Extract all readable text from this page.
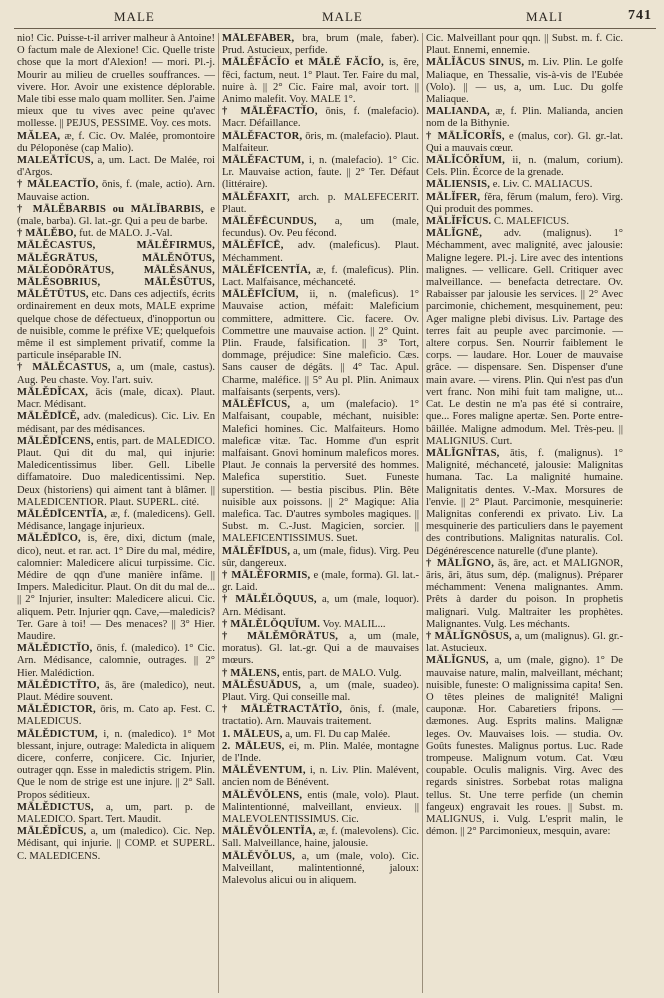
MALE	MALE	MALI	741

nio! Cic. Puisse-t-il arriver malheur à Antoine! O factum male de Alexione! Cic. Quelle triste chose que la mort d'Alexion! — mori. Pl.-j. Mourir au milieu de cruelles souffrances. — vivere. Hor. Avoir une existence déplorable. Male tibi esse malo quam molliter. Sen. J'aime mieux que tu vives avec peine qu'avec mollesse. || PEJUS, PESSIME. Voy. ces mots.

MĂLEA, æ, f. Cic. Ov. Malée, promontoire du Péloponèse (cap Malio).

MALEĀTĬCUS, a, um. Lact. De Malée, roi d'Argos.

† MĀLEACTĬO, ōnis, f. (male, actio). Arn. Mauvaise action.

† MĀLĔBARBIS ou MĀLĬBARBIS, e (male, barba). Gl. lat.-gr. Qui a peu de barbe.

† MĀLĔBO, fut. de MALO. J.-Val.

MĀLĔCASTUS, MĀLĔFIRMUS, MĀLĔGRĀTUS, MĀLĔNŌTUS, MĀLĔODŌRĀTUS, MĀLĔSĀNUS, MĀLĔSOBRIUS, MĀLĔSŪTUS, MĀLĔTŪTUS, etc. Dans ces adjectifs, écrits ordinairement en deux mots, MALE exprime quelque chose de défectueux, d'inopportun ou de nuisible, comme le préfixe VE; quelquefois même il est simplement privatif, comme la particule inséparable IN.

† MĀLĔCASTUS, a, um (male, castus). Aug. Peu chaste. Voy. l'art. suiv.

MĀLĔDĬCAX, ācis (male, dicax). Plaut. Macr. Médisant.

MĀLĔDĪCĔ, adv. (maledicus). Cic. Liv. En médisant, par des médisances.

MĀLĔDĪCENS, entis, part. de MALEDICO. Plaut. Qui dit du mal, qui injurie: Maledicentissimus liber. Gell. Libelle diffamatoire. Duo maledicentissimi. Nep. Deux (historiens) qui aiment tant à blâmer. || MALEDICENTIOR. Plaut. SUPERL. cité.

MĀLĔDĪCENTĬA, æ, f. (maledicens). Gell. Médisance, langage injurieux.

MĀLĔDĪCO, is, ēre, dixi, dictum (male, dico), neut. et rar. act. 1° Dire du mal, médire, calomnier: Maledicere alicui turpissime. Cic. Médire de qqn d'une manière infâme. || Impers. Maledicitur. Plaut. On dit du mal de... || 2° Injurier, insulter: Maledicere alicui. Cic. aliquem. Petr. Injurier qqn. Cave,—maledicis? Ter. Gare à toi! — Des menaces? || 3° Hier. Maudire.

MĀLĔDICTĬO, ōnis, f. (maledico). 1° Cic. Arn. Médisance, calomnie, outrages. || 2° Hier. Malédiction.

MĀLĔDICTĬTO, ās, āre (maledico), neut. Plaut. Médire souvent.

MĀLĔDICTOR, ōris, m. Cato ap. Fest. C. MALEDICUS.

MĀLĔDICTUM, i, n. (maledico). 1° Mot blessant, injure, outrage: Maledicta in aliquem dicere, conferre, conjicere. Cic. Injurier, outrager qqn. Esse in maledictis strigem. Plin. Que le nom de strige est une injure. || 2° Sall. Propos séditieux.

MĀLĔDICTUS, a, um, part. p. de MALEDICO. Spart. Tert. Maudit.

MĀLĔDĬCUS, a, um (maledico). Cic. Nep. Médisant, qui injurie. || COMP. et SUPERL. C. MALEDICENS.

MĀLĔFĂBER, bra, brum (male, faber). Prud. Astucieux, perfide.

MĀLĔFĂCĬO et MĀLĔ FĂCĬO, is, ĕre, fēci, factum, neut. 1° Plaut. Ter. Faire du mal, nuire à. || 2° Cic. Faire mal, avoir tort. || Animo malefit. Voy. MALE 1°.

† MĀLĔFACTĬO, ōnis, f. (malefacio). Macr. Défaillance.

MĀLĔFACTOR, ōris, m. (malefacio). Plaut. Malfaiteur.

MĀLĔFACTUM, i, n. (malefacio). 1° Cic. Lr. Mauvaise action, faute. || 2° Ter. Défaut (littéraire).

MĀLĔFAXIT, arch. p. MALEFECERIT. Plaut.

MĀLĔFĒCUNDUS, a, um (male, fecundus). Ov. Peu fécond.

MĀLĔFĪCĒ, adv. (maleficus). Plaut. Méchamment.

MĀLĔFĪCENTĬA, æ, f. (maleficus). Plin. Lact. Malfaisance, méchanceté.

MĀLĔFĪCĬUM, ii, n. (maleficus). 1° Mauvaise action, méfait: Maleficium committere, admittere. Cic. facere. Ov. Commettre une mauvaise action. || 2° Quint. Plin. Fraude, falsification. || 3° Tort, dommage, préjudice: Sine maleficio. Cæs. Sans causer de dégâts. || 4° Tac. Apul. Charme, maléfice. || 5° Au pl. Plin. Animaux malfaisants (serpents, vers).

MĀLĔFĪCUS, a, um (malefacio). 1° Malfaisant, coupable, méchant, nuisible: Malefici homines. Cic. Malfaiteurs. Homo maleficæ vitæ. Tac. Homme d'un esprit malfaisant. Gnovi hominum maleficos mores. Plaut. Je connais la perversité des hommes. Malefica superstitio. Suet. Funeste superstition. — bestia piscibus. Plin. Bête nuisible aux poissons. || 2° Magique: Alia malefica. Tac. D'autres symboles magiques. || Subst. m. C.-Just. Magicien, sorcier. || MALEFICENTISSIMUS. Suet.

MĀLĔFĪDUS, a, um (male, fidus). Virg. Peu sûr, dangereux.

† MĀLĔFORMIS, e (male, forma). Gl. lat.-gr. Laid.

† MĀLĔLŎQUUS, a, um (male, loquor). Arn. Médisant.

† MĀLĔLŎQUĬUM. Voy. MALIL...

† MĀLĔMŌRĀTUS, a, um (male, moratus). Gl. lat.-gr. Qui a de mauvaises mœurs.

† MĀLENS, entis, part. de MALO. Vulg.

MĀLĔSUĀDUS, a, um (male, suadeo). Plaut. Virg. Qui conseille mal.

† MĀLĔTRACTĀTĬO, ōnis, f. (male, tractatio). Arn. Mauvais traitement.

1. MĀLEUS, a, um. Fl. Du cap Malée.

2. MĀLEUS, ei, m. Plin. Malée, montagne de l'Inde.

MĀLĔVENTUM, i, n. Liv. Plin. Malévent, ancien nom de Bénévent.

MĀLĔVŎLENS, entis (male, volo). Plaut. Malintentionné, malveillant, envieux. || MALEVOLENTISSIMUS. Cic.

MĀLĔVŎLENTĬA, æ, f. (malevolens). Cic. Sall. Malveillance, haine, jalousie.

MĀLĔVŎLUS, a, um (male, volo). Cic. Malveillant, malintentionné, jaloux: Malevolus alicui ou in aliquem.

Cic. Malveillant pour qqn. || Subst. m. f. Cic. Plaut. Ennemi, ennemie.

MĀLĬĀCUS SINUS, m. Liv. Plin. Le golfe Maliaque, en Thessalie, vis-à-vis de l'Eubée (Volo). || — us, a, um. Luc. Du golfe Maliaque.

MALIANDA, æ, f. Plin. Malianda, ancien nom de la Bithynie.

† MĀLĬCORĬS, e (malus, cor). Gl. gr.-lat. Qui a mauvais cœur.

MĀLĬCŎRĬUM, ii, n. (malum, corium). Cels. Plin. Écorce de la grenade.

MĀLIENSIS, e. Liv. C. MALIACUS.

MĀLĬFER, fĕra, fĕrum (malum, fero). Virg. Qui produit des pommes.

MĀLĬFĬCUS. C. MALEFICUS.

MĀLĬGNĒ, adv. (malignus). 1° Méchamment, avec malignité, avec jalousie: Maligne legere. Pl.-j. Lire avec des intentions malignes. — vellicare. Gell. Critiquer avec malveillance. — benefacta detrectare. Ov. Rabaisser par jalousie les services. || 2° Avec parcimonie, chichement, mesquinement, peu: Ager maligne plebi divisus. Liv. Partage des terres fait au peuple avec parcimonie. — altere corpus. Sen. Nourrir faiblement le corps. — laudare. Hor. Louer de mauvaise grâce. — dispensare. Sen. Dispenser d'une main avare. — virens. Plin. Qui n'est pas d'un vert franc. Non mihi fuit tam maligne, ut... Cat. Le destin ne m'a pas été si contraire, que... Fores maligne apertæ. Sen. Porte entre-bâillée. Maligne admodum. Mel. Très-peu. || MALIGNIUS. Curt.

MĀLĬGNĬTAS, ātis, f. (malignus). 1° Malignité, méchanceté, jalousie: Malignitas humana. Tac. La malignité humaine. Malignitatis dentes. V.-Max. Morsures de l'envie. || 2° Plaut. Parcimonie, mesquinerie: Malignitas conferendi ex privato. Liv. La mesquinerie des particuliers dans le payement des contributions. Malignitas naturalis. Col. Dégénérescence naturelle (d'une plante).

† MĀLĬGNO, ās, āre, act. et MALIGNOR, āris, āri, ātus sum, dép. (malignus). Préparer méchamment: Venena malignantes. Amm. Prêts à darder du poison. In prophetis malignari. Vulg. Maltraiter les prophètes. Malignantes. Vulg. Les méchants.

† MĀLĬGNŌSUS, a, um (malignus). Gl. gr.-lat. Astucieux.

MĀLĬGNUS, a, um (male, gigno). 1° De mauvaise nature, malin, malveillant, méchant; nuisible, funeste: O malignissima capita! Sen. O têtes pleines de malignité! Maligni cauponæ. Hor. Cabaretiers fripons. — dæmones. Aug. Esprits malins. Malignæ leges. Ov. Mauvaises lois. — studia. Ov. Goûts funestes. Malignus portus. Luc. Rade trompeuse. Malignum votum. Cat. Vœu coupable. Oculis malignis. Virg. Avec des regards sinistres. Sorbebat rotas maligna tellus. St. Une terre perfide (un chemin fangeux) engravait les roues. || Subst. m. MALIGNUS, i. Vulg. L'esprit malin, le démon. || 2° Parcimonieux, mesquin, avare:
